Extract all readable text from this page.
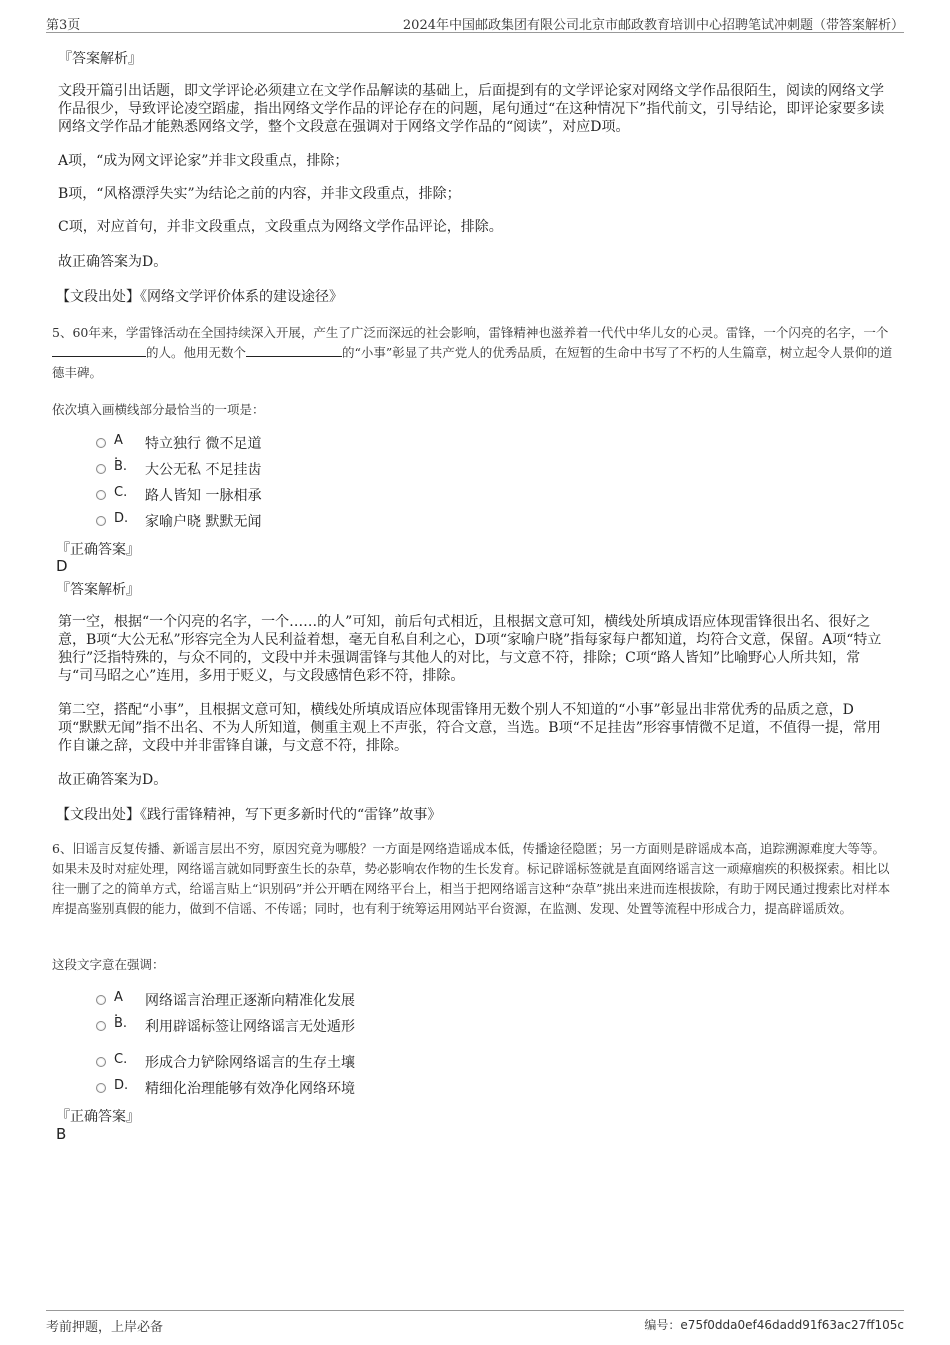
第3页	2024年中国邮政集团有限公司北京市邮政教育培训中心招聘笔试冲刺题（带答案解析）
『答案解析』
文段开篇引出话题，即文学评论必须建立在文学作品解读的基础上，后面提到有的文学评论家对网络文学作品很陌生，阅读的网络文学作品很少，导致评论凌空蹈虚，指出网络文学作品的评论存在的问题，尾句通过“在这种情况下”指代前文，引导结论，即评论家要多读网络文学作品才能熟悉网络文学，整个文段意在强调对于网络文学作品的“阅读”，对应D项。
A项，“成为网文评论家”并非文段重点，排除；
B项，“风格漂浮失实”为结论之前的内容，并非文段重点，排除；
C项，对应首句，并非文段重点，文段重点为网络文学作品评论，排除。
故正确答案为D。
【文段出处】《网络文学评价体系的建设途径》
5、60年来，学雷锋活动在全国持续深入开展，产生了广泛而深远的社会影响，雷锋精神也滋养着一代代中华儿女的心灵。雷锋，一个闪亮的名字，一个的人。他用无数个	的“小事”彰显了共产党人的优秀品质，在短暂的生命中书写了不朽的人生篇章，树立起令人景仰的道德丰碑。
依次填入画横线部分最恰当的一项是：
A .
特立独行 微不足道
B. 大公无私 不足挂齿
C. 路人皆知 一脉相承
D. 家喻户晓 默默无闻
『正确答案』
D
『答案解析』
第一空，根据“一个闪亮的名字，一个……的人”可知，前后句式相近，且根据文意可知，横线处所填成语应体现雷锋很出名、很好之意，B项“大公无私”形容完全为人民利益着想，毫无自私自利之心，D项“家喻户晓”指每家每户都知道，均符合文意，保留。A项“特立独行”泛指特殊的，与众不同的，文段中并未强调雷锋与其他人的对比，与文意不符，排除；C项“路人皆知”比喻野心人所共知，常与“司马昭之心”连用，多用于贬义，与文段感情色彩不符，排除。
第二空，搭配“小事”，且根据文意可知，横线处所填成语应体现雷锋用无数个别人不知道的“小事”彰显出非常优秀的品质之意，D项“默默无闻”指不出名、不为人所知道，侧重主观上不声张，符合文意，当选。B项“不足挂齿”形容事情微不足道，不值得一提，常用作自谦之辞，文段中并非雷锋自谦，与文意不符，排除。
故正确答案为D。
【文段出处】《践行雷锋精神，写下更多新时代的“雷锋”故事》
6、旧谣言反复传播、新谣言层出不穷，原因究竟为哪般？一方面是网络造谣成本低，传播途径隐匿；另一方面则是辟谣成本高，追踪溯源难度大等等。如果未及时对症处理，网络谣言就如同野蛮生长的杂草，势必影响农作物的生长发育。标记辟谣标签就是直面网络谣言这一顽瘴痼疾的积极探索。相比以往一删了之的简单方式，给谣言贴上“识别码”并公开晒在网络平台上，相当于把网络谣言这种“杂草”挑出来进而连根拔除，有助于网民通过搜索比对样本库提高鉴别真假的能力，做到不信谣、不传谣；同时，也有利于统筹运用网站平台资源，在监测、发现、处置等流程中形成合力，提高辟谣质效。
这段文字意在强调：
A .
网络谣言治理正逐渐向精准化发展
B. 利用辟谣标签让网络谣言无处遁形
C. 形成合力铲除网络谣言的生存土壤
D. 精细化治理能够有效净化网络环境
『正确答案』
B
考前押题，上岸必备	编号：e75f0dda0ef46dadd91f63ac27ff105c
